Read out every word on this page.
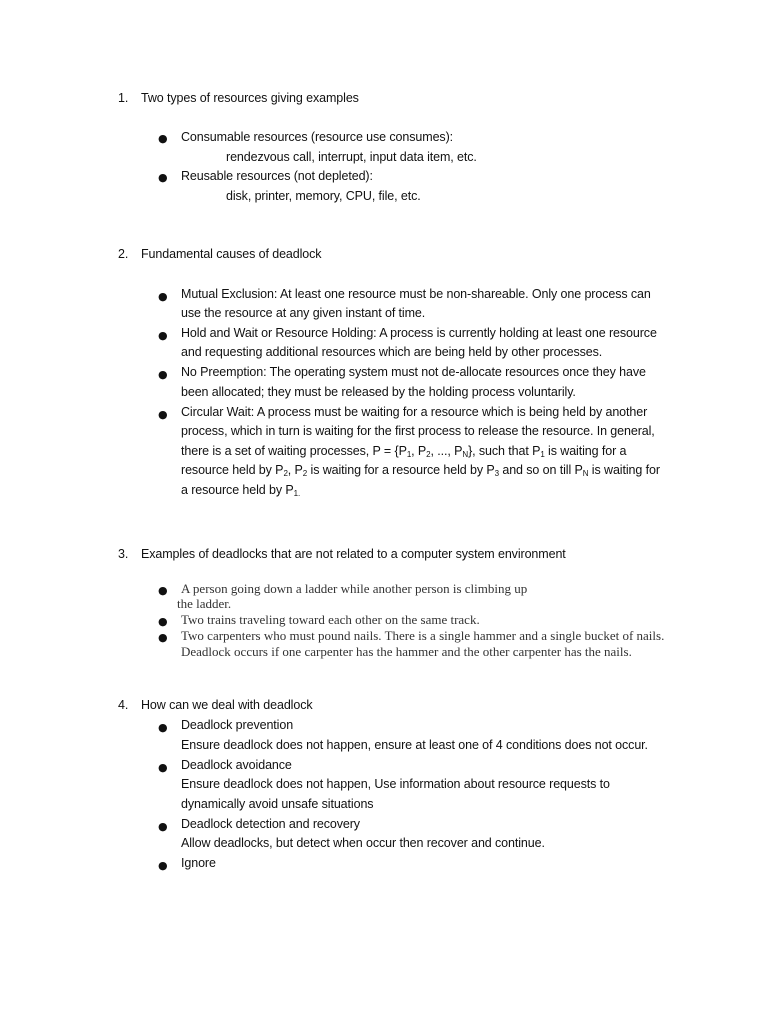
1. Two types of resources giving examples
● Consumable resources (resource use consumes):
rendezvous call, interrupt, input data item, etc.
● Reusable resources (not depleted):
disk, printer, memory, CPU, file, etc.
2. Fundamental causes of deadlock
● Mutual Exclusion: At least one resource must be non-shareable. Only one process can
use the resource at any given instant of time.
● Hold and Wait or Resource Holding: A process is currently holding at least one resource
and requesting additional resources which are being held by other processes.
● No Preemption: The operating system must not de-allocate resources once they have
been allocated; they must be released by the holding process voluntarily.
● Circular Wait: A process must be waiting for a resource which is being held by another
process, which in turn is waiting for the first process to release the resource. In general,
there is a set of waiting processes, $P = \{P_1$, $P_2$, ..., $P_N$}, such that $P_1$ is waiting for a
resource held by $P_2$, $P_2$ is waiting for a resource held by $P_3$ and so on till $P_N$ is waiting for
a resource held by $P_{1.}$
3. Examples of deadlocks that are not related to a computer system environment
● A person going down a ladder while another person is climbing up
the ladder.
● Two trains traveling toward each other on the same track.
● Two carpenters who must pound nails. There is a single hammer and a single bucket of nails.
Deadlock occurs if one carpenter has the hammer and the other carpenter has the nails.
4. How can we deal with deadlock
● Deadlock prevention
Ensure deadlock does not happen, ensure at least one of 4 conditions does not occur.
● Deadlock avoidance
Ensure deadlock does not happen, Use information about resource requests to
dynamically avoid unsafe situations
● Deadlock detection and recovery
Allow deadlocks, but detect when occur then recover and continue.
● Ignore
